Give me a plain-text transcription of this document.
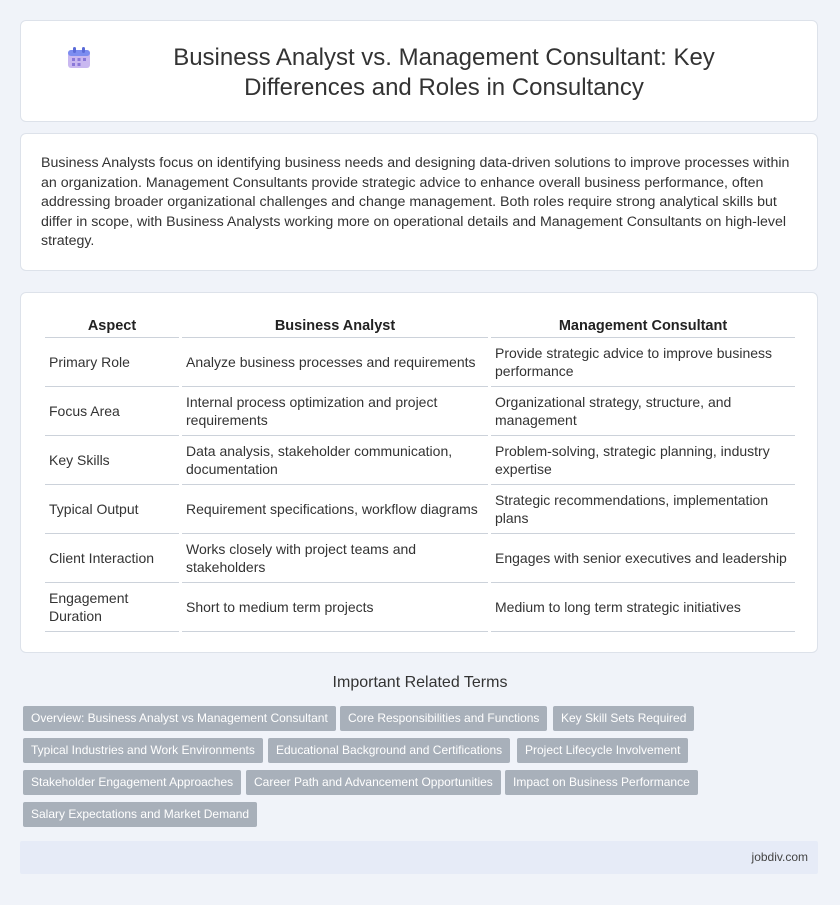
Business Analyst vs. Management Consultant: Key Differences and Roles in Consultancy

Business Analysts focus on identifying business needs and designing data-driven solutions to improve processes within an organization. Management Consultants provide strategic advice to enhance overall business performance, often addressing broader organizational challenges and change management. Both roles require strong analytical skills but differ in scope, with Business Analysts working more on operational details and Management Consultants on high-level strategy.

Aspect	Business Analyst	Management Consultant
Primary Role	Analyze business processes and requirements	Provide strategic advice to improve business performance
Focus Area	Internal process optimization and project requirements	Organizational strategy, structure, and management
Key Skills	Data analysis, stakeholder communication, documentation	Problem-solving, strategic planning, industry expertise
Typical Output	Requirement specifications, workflow diagrams	Strategic recommendations, implementation plans
Client Interaction	Works closely with project teams and stakeholders	Engages with senior executives and leadership
Engagement Duration	Short to medium term projects	Medium to long term strategic initiatives
Important Related Terms
Overview: Business Analyst vs Management Consultant	Core Responsibilities and Functions	Key Skill Sets Required
Typical Industries and Work Environments	Educational Background and Certifications	Project Lifecycle Involvement
Stakeholder Engagement Approaches	Career Path and Advancement Opportunities	Impact on Business Performance
Salary Expectations and Market Demand
jobdiv.com
